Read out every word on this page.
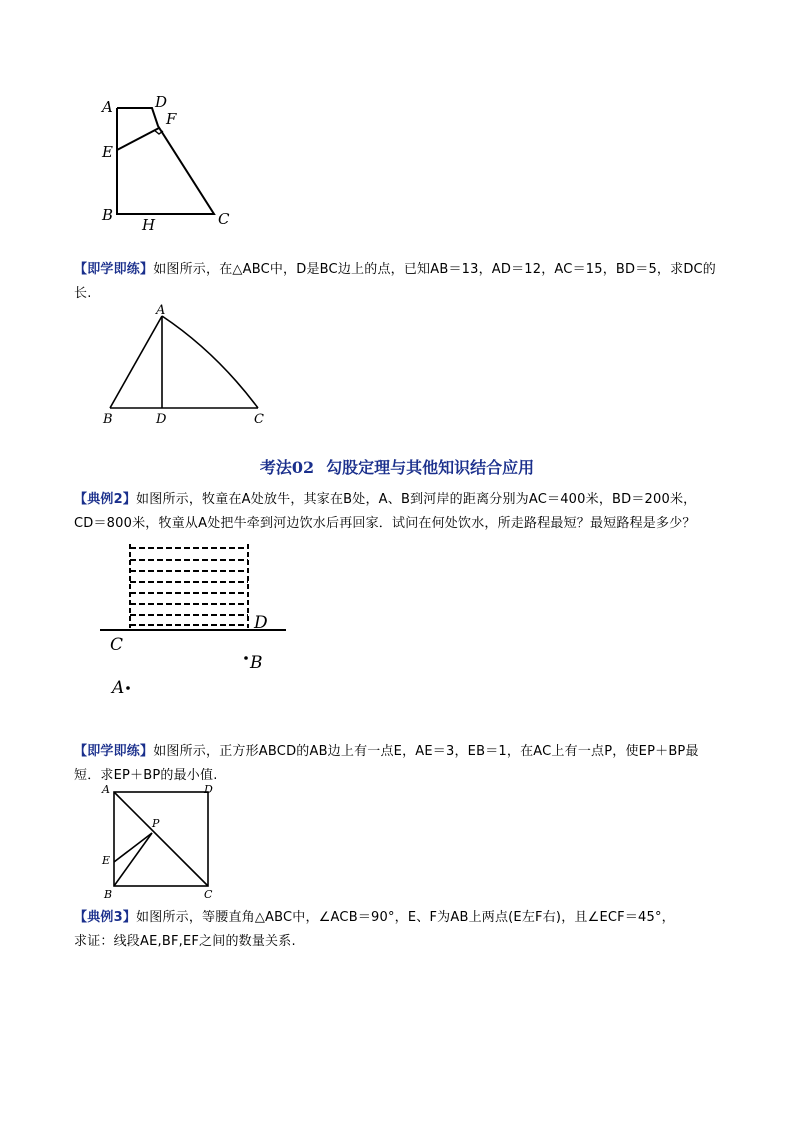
A	D
F
E
B
H	C
【即学即练】如图所示，在△ABC中，D是BC边上的点，已知AB＝13，AD＝12，AC＝15，BD＝5，求DC的
长.
A
B	D	C
考法02 勾股定理与其他知识结合应用
【典例2】如图所示，牧童在A处放牛，其家在B处，A、B到河岸的距离分别为AC＝400米，BD＝200米，
CD＝800米，牧童从A处把牛牵到河边饮水后再回家．试问在何处饮水，所走路程最短？最短路程是多少？
C
D
B
A
【即学即练】如图所示，正方形ABCD的AB边上有一点E，AE＝3，EB＝1，在AC上有一点P，使EP＋BP最
短．求EP＋BP的最小值.
A	D
P
E
B	C
【典例3】如图所示，等腰直角△ABC中，∠ACB＝90°，E、F为AB上两点(E左F右)，且∠ECF＝45°，
求证：线段AE,BF,EF之间的数量关系.
